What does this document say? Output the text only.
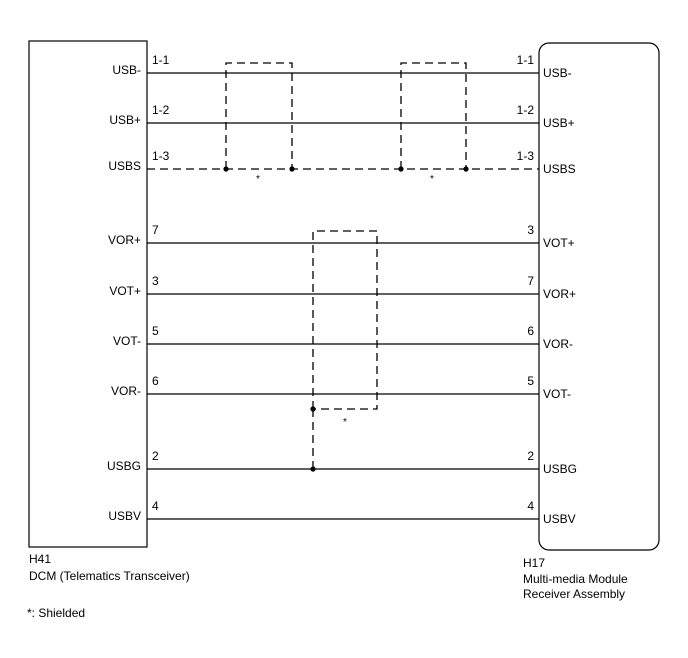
USB-
1-1	1-1
USB-
USB+
1-2	1-2
USB+
USBS
1-3	1-3
USBS
VOR+
7	3
VOT+
VOT+
3	7
VOR+
VOT-
5	6
VOR-
VOR-
6	5
VOT-
USBG
2	2
USBG
USBV
4	4
USBV
*	*
*
H41
DCM (Telematics Transceiver)
H17
Multi-media Module
Receiver Assembly
*: Shielded
